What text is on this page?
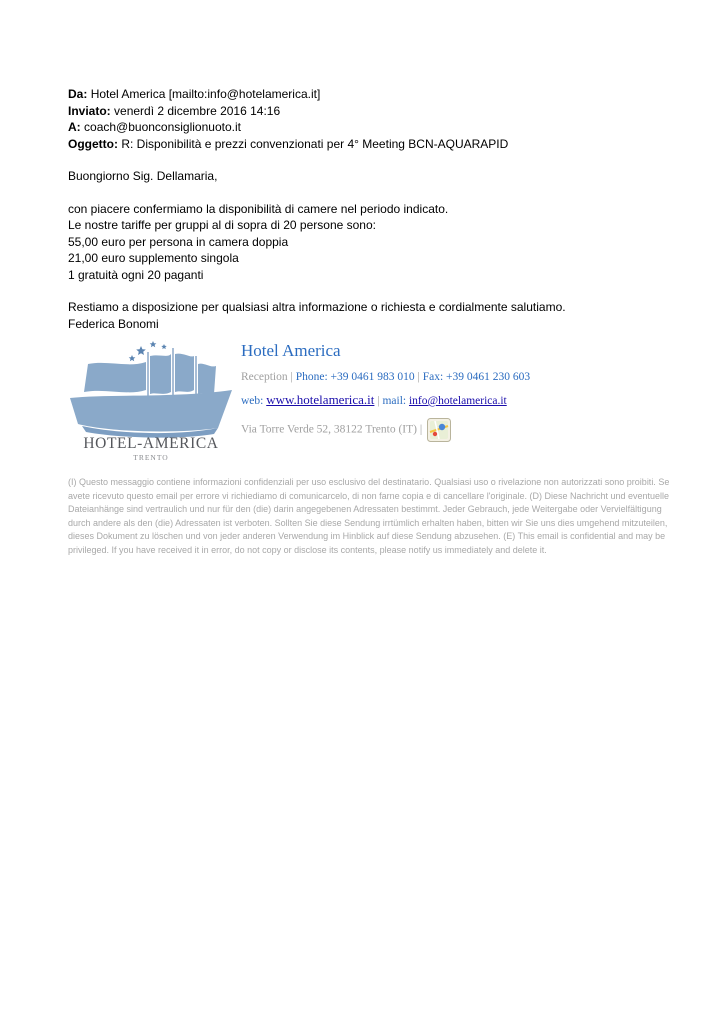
Da: Hotel America [mailto:info@hotelamerica.it]
Inviato: venerdì 2 dicembre 2016 14:16
A: coach@buonconsiglionuoto.it
Oggetto: R: Disponibilità e prezzi convenzionati per 4° Meeting BCN-AQUARAPID

Buongiorno Sig. Dellamaria,

con piacere confermiamo la disponibilità di camere nel periodo indicato.

Le nostre tariffe per gruppi al di sopra di 20 persone sono:

55,00 euro per persona in camera doppia

21,00 euro supplemento singola

1 gratuità ogni 20 paganti

Restiamo a disposizione per qualsiasi altra informazione o richiesta e cordialmente salutiamo.

Federica Bonomi

HOTEL-AMERICA
TRENTO
Hotel America
Reception | Phone: +39 0461 983 010 | Fax: +39 0461 230 603
web: www.hotelamerica.it | mail: info@hotelamerica.it
Via Torre Verde 52, 38122 Trento (IT) |
(I) Questo messaggio contiene informazioni confidenziali per uso esclusivo del destinatario. Qualsiasi uso o rivelazione non autorizzati sono proibiti. Se avete ricevuto questo email per errore vi richiediamo di comunicarcelo, di non farne copia e di cancellare l'originale. (D) Diese Nachricht und eventuelle Dateianhänge sind vertraulich und nur für den (die) darin angegebenen Adressaten bestimmt. Jeder Gebrauch, jede Weitergabe oder Vervielfältigung durch andere als den (die) Adressaten ist verboten. Sollten Sie diese Sendung irrtümlich erhalten haben, bitten wir Sie uns dies umgehend mitzuteilen, dieses Dokument zu löschen und von jeder anderen Verwendung im Hinblick auf diese Sendung abzusehen. (E) This email is confidential and may be privileged. If you have received it in error, do not copy or disclose its contents, please notify us immediately and delete it.
